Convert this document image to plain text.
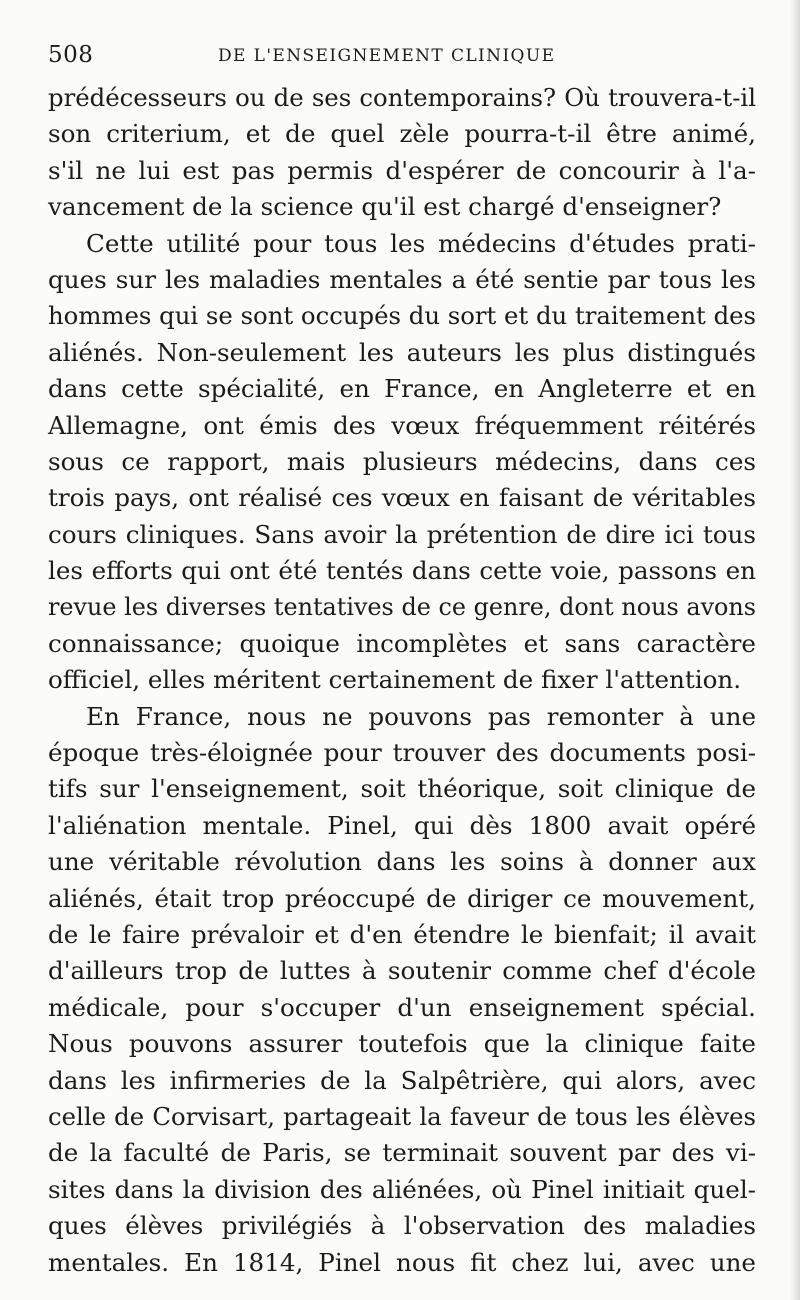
508	DE L'ENSEIGNEMENT CLINIQUE
prédécesseurs ou de ses contemporains? Où trouvera-t-il
son criterium, et de quel zèle pourra-t-il être animé,
s'il ne lui est pas permis d'espérer de concourir à l'a-
vancement de la science qu'il est chargé d'enseigner?
Cette utilité pour tous les médecins d'études prati-
ques sur les maladies mentales a été sentie par tous les
hommes qui se sont occupés du sort et du traitement des
aliénés. Non-seulement les auteurs les plus distingués
dans cette spécialité, en France, en Angleterre et en
Allemagne, ont émis des vœux fréquemment réitérés
sous ce rapport, mais plusieurs médecins, dans ces
trois pays, ont réalisé ces vœux en faisant de véritables
cours cliniques. Sans avoir la prétention de dire ici tous
les efforts qui ont été tentés dans cette voie, passons en
revue les diverses tentatives de ce genre, dont nous avons
connaissance; quoique incomplètes et sans caractère
officiel, elles méritent certainement de fixer l'attention.
En France, nous ne pouvons pas remonter à une
époque très-éloignée pour trouver des documents posi-
tifs sur l'enseignement, soit théorique, soit clinique de
l'aliénation mentale. Pinel, qui dès 1800 avait opéré
une véritable révolution dans les soins à donner aux
aliénés, était trop préoccupé de diriger ce mouvement,
de le faire prévaloir et d'en étendre le bienfait; il avait
d'ailleurs trop de luttes à soutenir comme chef d'école
médicale, pour s'occuper d'un enseignement spécial.
Nous pouvons assurer toutefois que la clinique faite
dans les infirmeries de la Salpêtrière, qui alors, avec
celle de Corvisart, partageait la faveur de tous les élèves
de la faculté de Paris, se terminait souvent par des vi-
sites dans la division des aliénées, où Pinel initiait quel-
ques élèves privilégiés à l'observation des maladies
mentales. En 1814, Pinel nous fit chez lui, avec une
